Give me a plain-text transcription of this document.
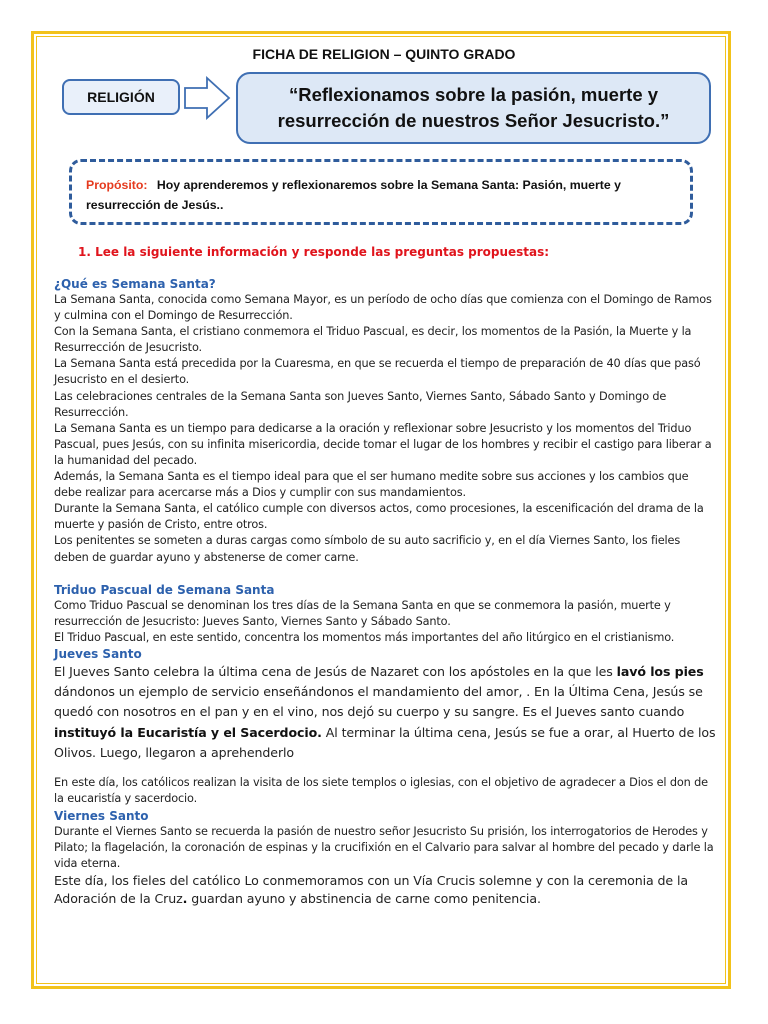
FICHA DE RELIGION – QUINTO GRADO
RELIGIÓN	“Reflexionamos sobre la pasión, muerte y resurrección de nuestros Señor Jesucristo.”
Propósito: Hoy aprenderemos y reflexionaremos sobre la Semana Santa: Pasión, muerte y resurrección de Jesús..
1. Lee la siguiente información y responde las preguntas propuestas:
¿Qué es Semana Santa?
La Semana Santa, conocida como Semana Mayor, es un período de ocho días que comienza con el Domingo de Ramos y culmina con el Domingo de Resurrección.
Con la Semana Santa, el cristiano conmemora el Triduo Pascual, es decir, los momentos de la Pasión, la Muerte y la Resurrección de Jesucristo.
La Semana Santa está precedida por la Cuaresma, en que se recuerda el tiempo de preparación de 40 días que pasó Jesucristo en el desierto.
Las celebraciones centrales de la Semana Santa son Jueves Santo, Viernes Santo, Sábado Santo y Domingo de Resurrección.
La Semana Santa es un tiempo para dedicarse a la oración y reflexionar sobre Jesucristo y los momentos del Triduo Pascual, pues Jesús, con su infinita misericordia, decide tomar el lugar de los hombres y recibir el castigo para liberar a la humanidad del pecado.
Además, la Semana Santa es el tiempo ideal para que el ser humano medite sobre sus acciones y los cambios que debe realizar para acercarse más a Dios y cumplir con sus mandamientos.
Durante la Semana Santa, el católico cumple con diversos actos, como procesiones, la escenificación del drama de la muerte y pasión de Cristo, entre otros.
Los penitentes se someten a duras cargas como símbolo de su auto sacrificio y, en el día Viernes Santo, los fieles deben de guardar ayuno y abstenerse de comer carne.
Triduo Pascual de Semana Santa
Como Triduo Pascual se denominan los tres días de la Semana Santa en que se conmemora la pasión, muerte y resurrección de Jesucristo: Jueves Santo, Viernes Santo y Sábado Santo.
El Triduo Pascual, en este sentido, concentra los momentos más importantes del año litúrgico en el cristianismo.
Jueves Santo
El Jueves Santo celebra la última cena de Jesús de Nazaret con los apóstoles en la que les lavó los pies dándonos un ejemplo de servicio enseñándonos el mandamiento del amor, . En la Última Cena, Jesús se quedó con nosotros en el pan y en el vino, nos dejó su cuerpo y su sangre. Es el Jueves santo cuando instituyó la Eucaristía y el Sacerdocio. Al terminar la última cena, Jesús se fue a orar, al Huerto de los Olivos. Luego, llegaron a aprehenderlo
En este día, los católicos realizan la visita de los siete templos o iglesias, con el objetivo de agradecer a Dios el don de la eucaristía y sacerdocio.
Viernes Santo
Durante el Viernes Santo se recuerda la pasión de nuestro señor Jesucristo Su prisión, los interrogatorios de Herodes y Pilato; la flagelación, la coronación de espinas y la crucifixión en el Calvario para salvar al hombre del pecado y darle la vida eterna.
Este día, los fieles del católico Lo conmemoramos con un Vía Crucis solemne y con la ceremonia de la Adoración de la Cruz. guardan ayuno y abstinencia de carne como penitencia.
